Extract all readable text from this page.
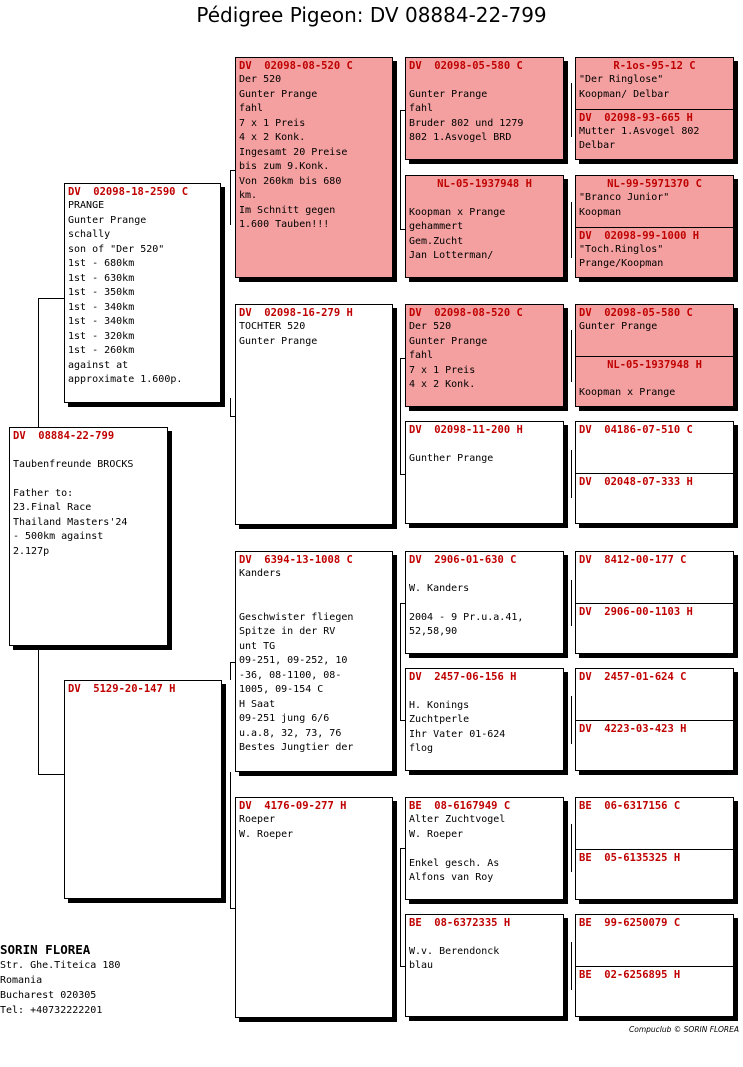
Pédigree Pigeon: DV 08884-22-799
DV  08884-22-799

Taubenfreunde BROCKS

Father to:
23.Final Race
Thailand Masters'24
- 500km against
2.127p
DV  02098-18-2590 C
PRANGE
Gunter Prange
schally
son of "Der 520"
1st - 680km
1st - 630km
1st - 350km
1st - 340km
1st - 340km
1st - 320km
1st - 260km
against at
approximate 1.600p.
DV  5129-20-147 H
DV  02098-08-520 C
Der 520
Gunter Prange
fahl
7 x 1 Preis
4 x 2 Konk.
Ingesamt 20 Preise
bis zum 9.Konk.
Von 260km bis 680
km.
Im Schnitt gegen
1.600 Tauben!!!
DV  02098-16-279 H
TOCHTER 520
Gunter Prange
DV  6394-13-1008 C
Kanders

Geschwister fliegen
Spitze in der RV
unt TG
09-251, 09-252, 10
-36, 08-1100, 08-
1005, 09-154 C
H Saat
09-251 jung 6/6
u.a.8, 32, 73, 76
Bestes Jungtier der
DV  4176-09-277 H
Roeper
W. Roeper
DV  02098-05-580 C

Gunter Prange
fahl
Bruder 802 und 1279
802 1.Asvogel BRD
NL-05-1937948 H

Koopman x Prange
gehammert
Gem.Zucht
Jan Lotterman/
DV  02098-08-520 C
Der 520
Gunter Prange
fahl
7 x 1 Preis
4 x 2 Konk.
DV  02098-11-200 H

Gunther Prange
DV  2906-01-630 C

W. Kanders

2004 - 9 Pr.u.a.41,
52,58,90
DV  2457-06-156 H

H. Konings
Zuchtperle
Ihr Vater 01-624
flog
BE  08-6167949 C
Alter Zuchtvogel
W. Roeper

Enkel gesch. As
Alfons van Roy
BE  08-6372335 H

W.v. Berendonck
blau
R-1os-95-12 C
"Der Ringlose"
Koopman/ Delbar
DV  02098-93-665 H
Mutter 1.Asvogel 802
Delbar
NL-99-5971370 C
"Branco Junior"
Koopman
DV  02098-99-1000 H
"Toch.Ringlos"
Prange/Koopman
DV  02098-05-580 C
Gunter Prange
NL-05-1937948 H

Koopman x Prange
DV  04186-07-510 C
DV  02048-07-333 H
DV  8412-00-177 C
DV  2906-00-1103 H
DV  2457-01-624 C
DV  4223-03-423 H
BE  06-6317156 C
BE  05-6135325 H
BE  99-6250079 C
BE  02-6256895 H
SORIN FLOREA
Str. Ghe.Titeica 180
Romania
Bucharest 020305
Tel: +40732222201
Compuclub © SORIN FLOREA
